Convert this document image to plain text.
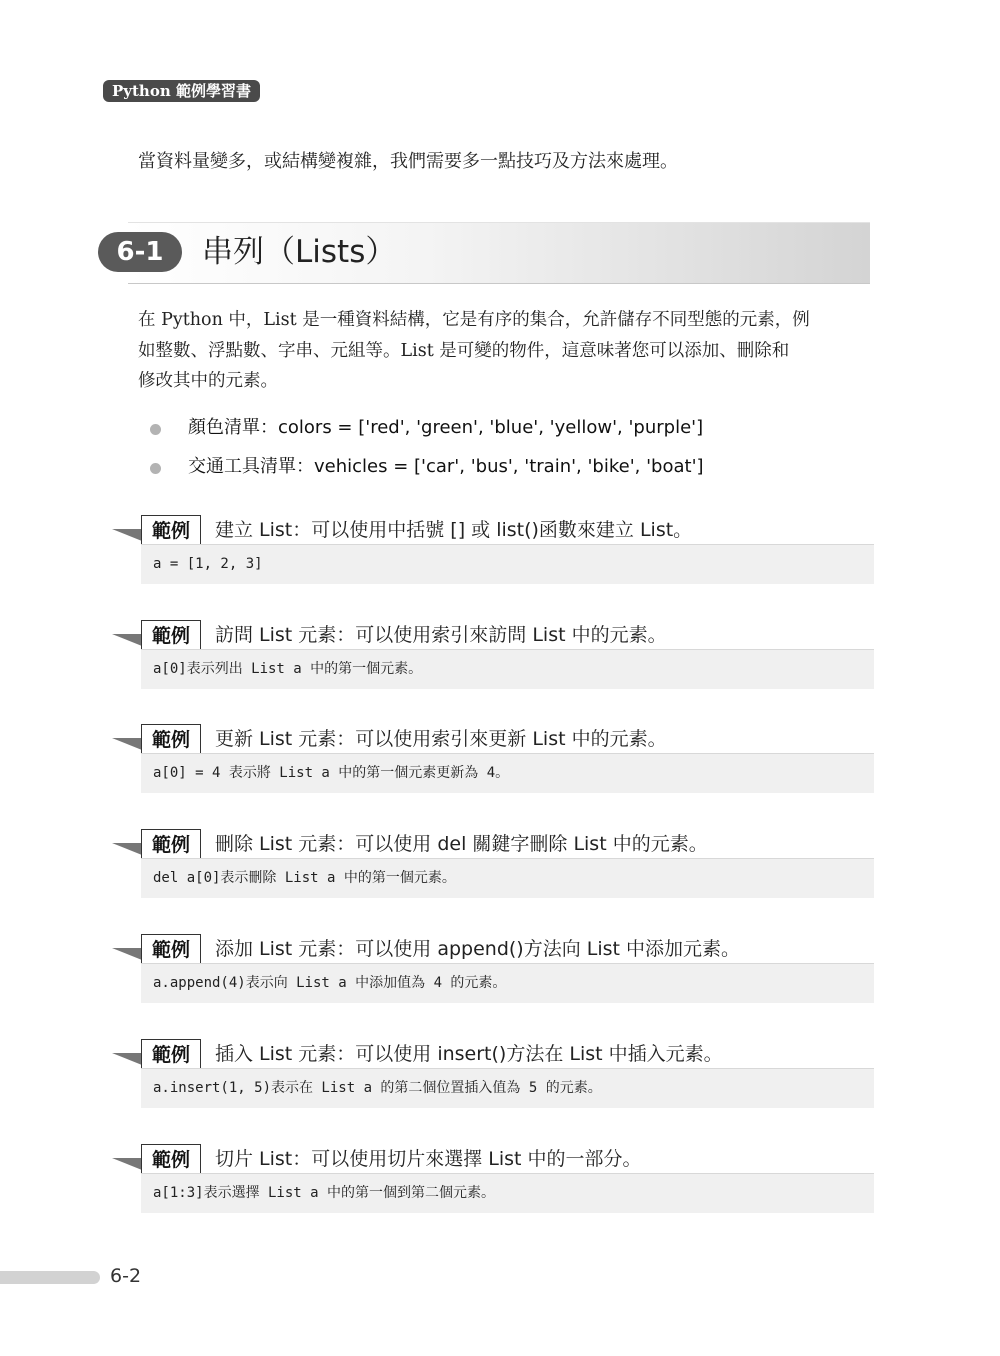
Python 範例學習書
當資料量變多，或結構變複雜，我們需要多一點技巧及方法來處理。
6-1	串列（Lists）

在 Python 中，List 是一種資料結構，它是有序的集合，允許儲存不同型態的元素，例

如整數、浮點數、字串、元組等。List 是可變的物件，這意味著您可以添加、刪除和

修改其中的元素。

顏色清單：colors = ['red', 'green', 'blue', 'yellow', 'purple']
交通工具清單：vehicles = ['car', 'bus', 'train', 'bike', 'boat']
範例	建立 List：可以使用中括號 [] 或 list()函數來建立 List。
a = [1, 2, 3]
範例	訪問 List 元素：可以使用索引來訪問 List 中的元素。
a[0]表示列出 List a 中的第一個元素。
範例	更新 List 元素：可以使用索引來更新 List 中的元素。
a[0] = 4 表示將 List a 中的第一個元素更新為 4。
範例	刪除 List 元素：可以使用 del 關鍵字刪除 List 中的元素。
del a[0]表示刪除 List a 中的第一個元素。
範例	添加 List 元素：可以使用 append()方法向 List 中添加元素。
a.append(4)表示向 List a 中添加值為 4 的元素。
範例	插入 List 元素：可以使用 insert()方法在 List 中插入元素。
a.insert(1, 5)表示在 List a 的第二個位置插入值為 5 的元素。
範例	切片 List：可以使用切片來選擇 List 中的一部分。
a[1:3]表示選擇 List a 中的第一個到第二個元素。
6-2
